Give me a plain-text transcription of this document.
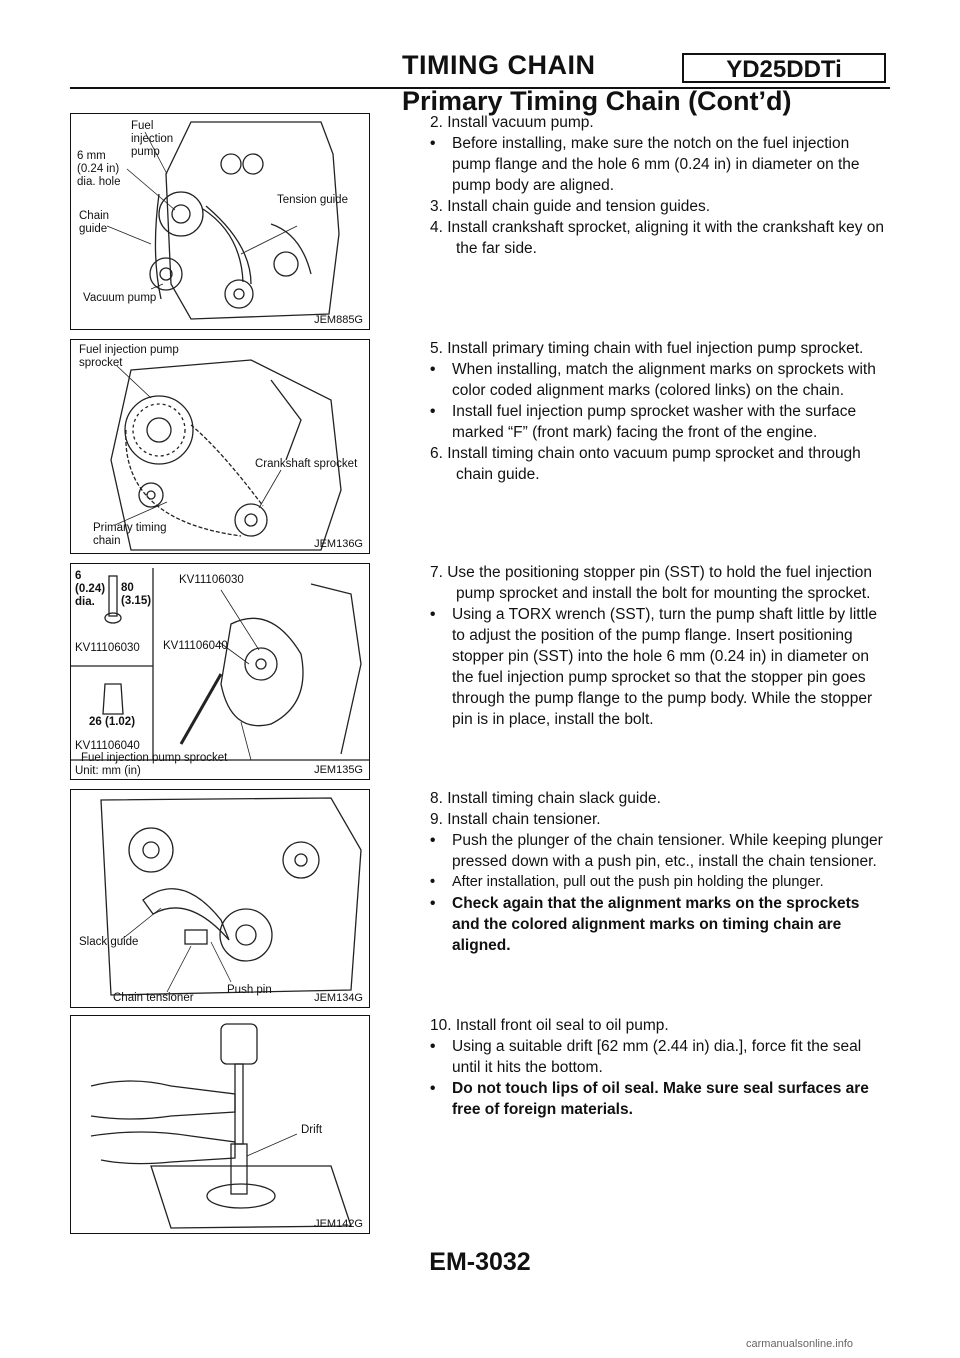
TIMING CHAIN	YD25DDTi
Primary Timing Chain (Cont’d)
Fuel injection pump
6 mm (0.24 in) dia. hole
Tension guide
Chain guide
Vacuum pump
JEM885G
Fuel injection pump sprocket
Crankshaft sprocket
Primary timing chain	JEM136G
6 (0.24) dia.
80 (3.15)
KV11106030
KV11106030
KV11106040
26 (1.02)
KV11106040
Fuel injection pump sprocket
Unit: mm (in)	JEM135G
Slack guide
Chain tensioner
Push pin
JEM134G
Drift
JEM142G

2. Install vacuum pump.

• Before installing, make sure the notch on the fuel injection pump flange and the hole 6 mm (0.24 in) in diameter on the pump body are aligned.

3. Install chain guide and tension guides.

4. Install crankshaft sprocket, aligning it with the crankshaft key on the far side.

5. Install primary timing chain with fuel injection pump sprocket.

• When installing, match the alignment marks on sprockets with color coded alignment marks (colored links) on the chain.

• Install fuel injection pump sprocket washer with the surface marked “F” (front mark) facing the front of the engine.

6. Install timing chain onto vacuum pump sprocket and through chain guide.

7. Use the positioning stopper pin (SST) to hold the fuel injection pump sprocket and install the bolt for mounting the sprocket.

• Using a TORX wrench (SST), turn the pump shaft little by little to adjust the position of the pump flange. Insert positioning stopper pin (SST) into the hole 6 mm (0.24 in) in diameter on the fuel injection pump sprocket so that the stopper pin goes through the pump flange to the pump body. While the stopper pin is in place, install the bolt.

8. Install timing chain slack guide.

9. Install chain tensioner.

• Push the plunger of the chain tensioner. While keeping plunger pressed down with a push pin, etc., install the chain tensioner.

• After installation, pull out the push pin holding the plunger.

• Check again that the alignment marks on the sprockets and the colored alignment marks on timing chain are aligned.

10. Install front oil seal to oil pump.

• Using a suitable drift [62 mm (2.44 in) dia.], force fit the seal until it hits the bottom.

• Do not touch lips of oil seal. Make sure seal surfaces are free of foreign materials.

EM-3032
carmanualsonline.info
